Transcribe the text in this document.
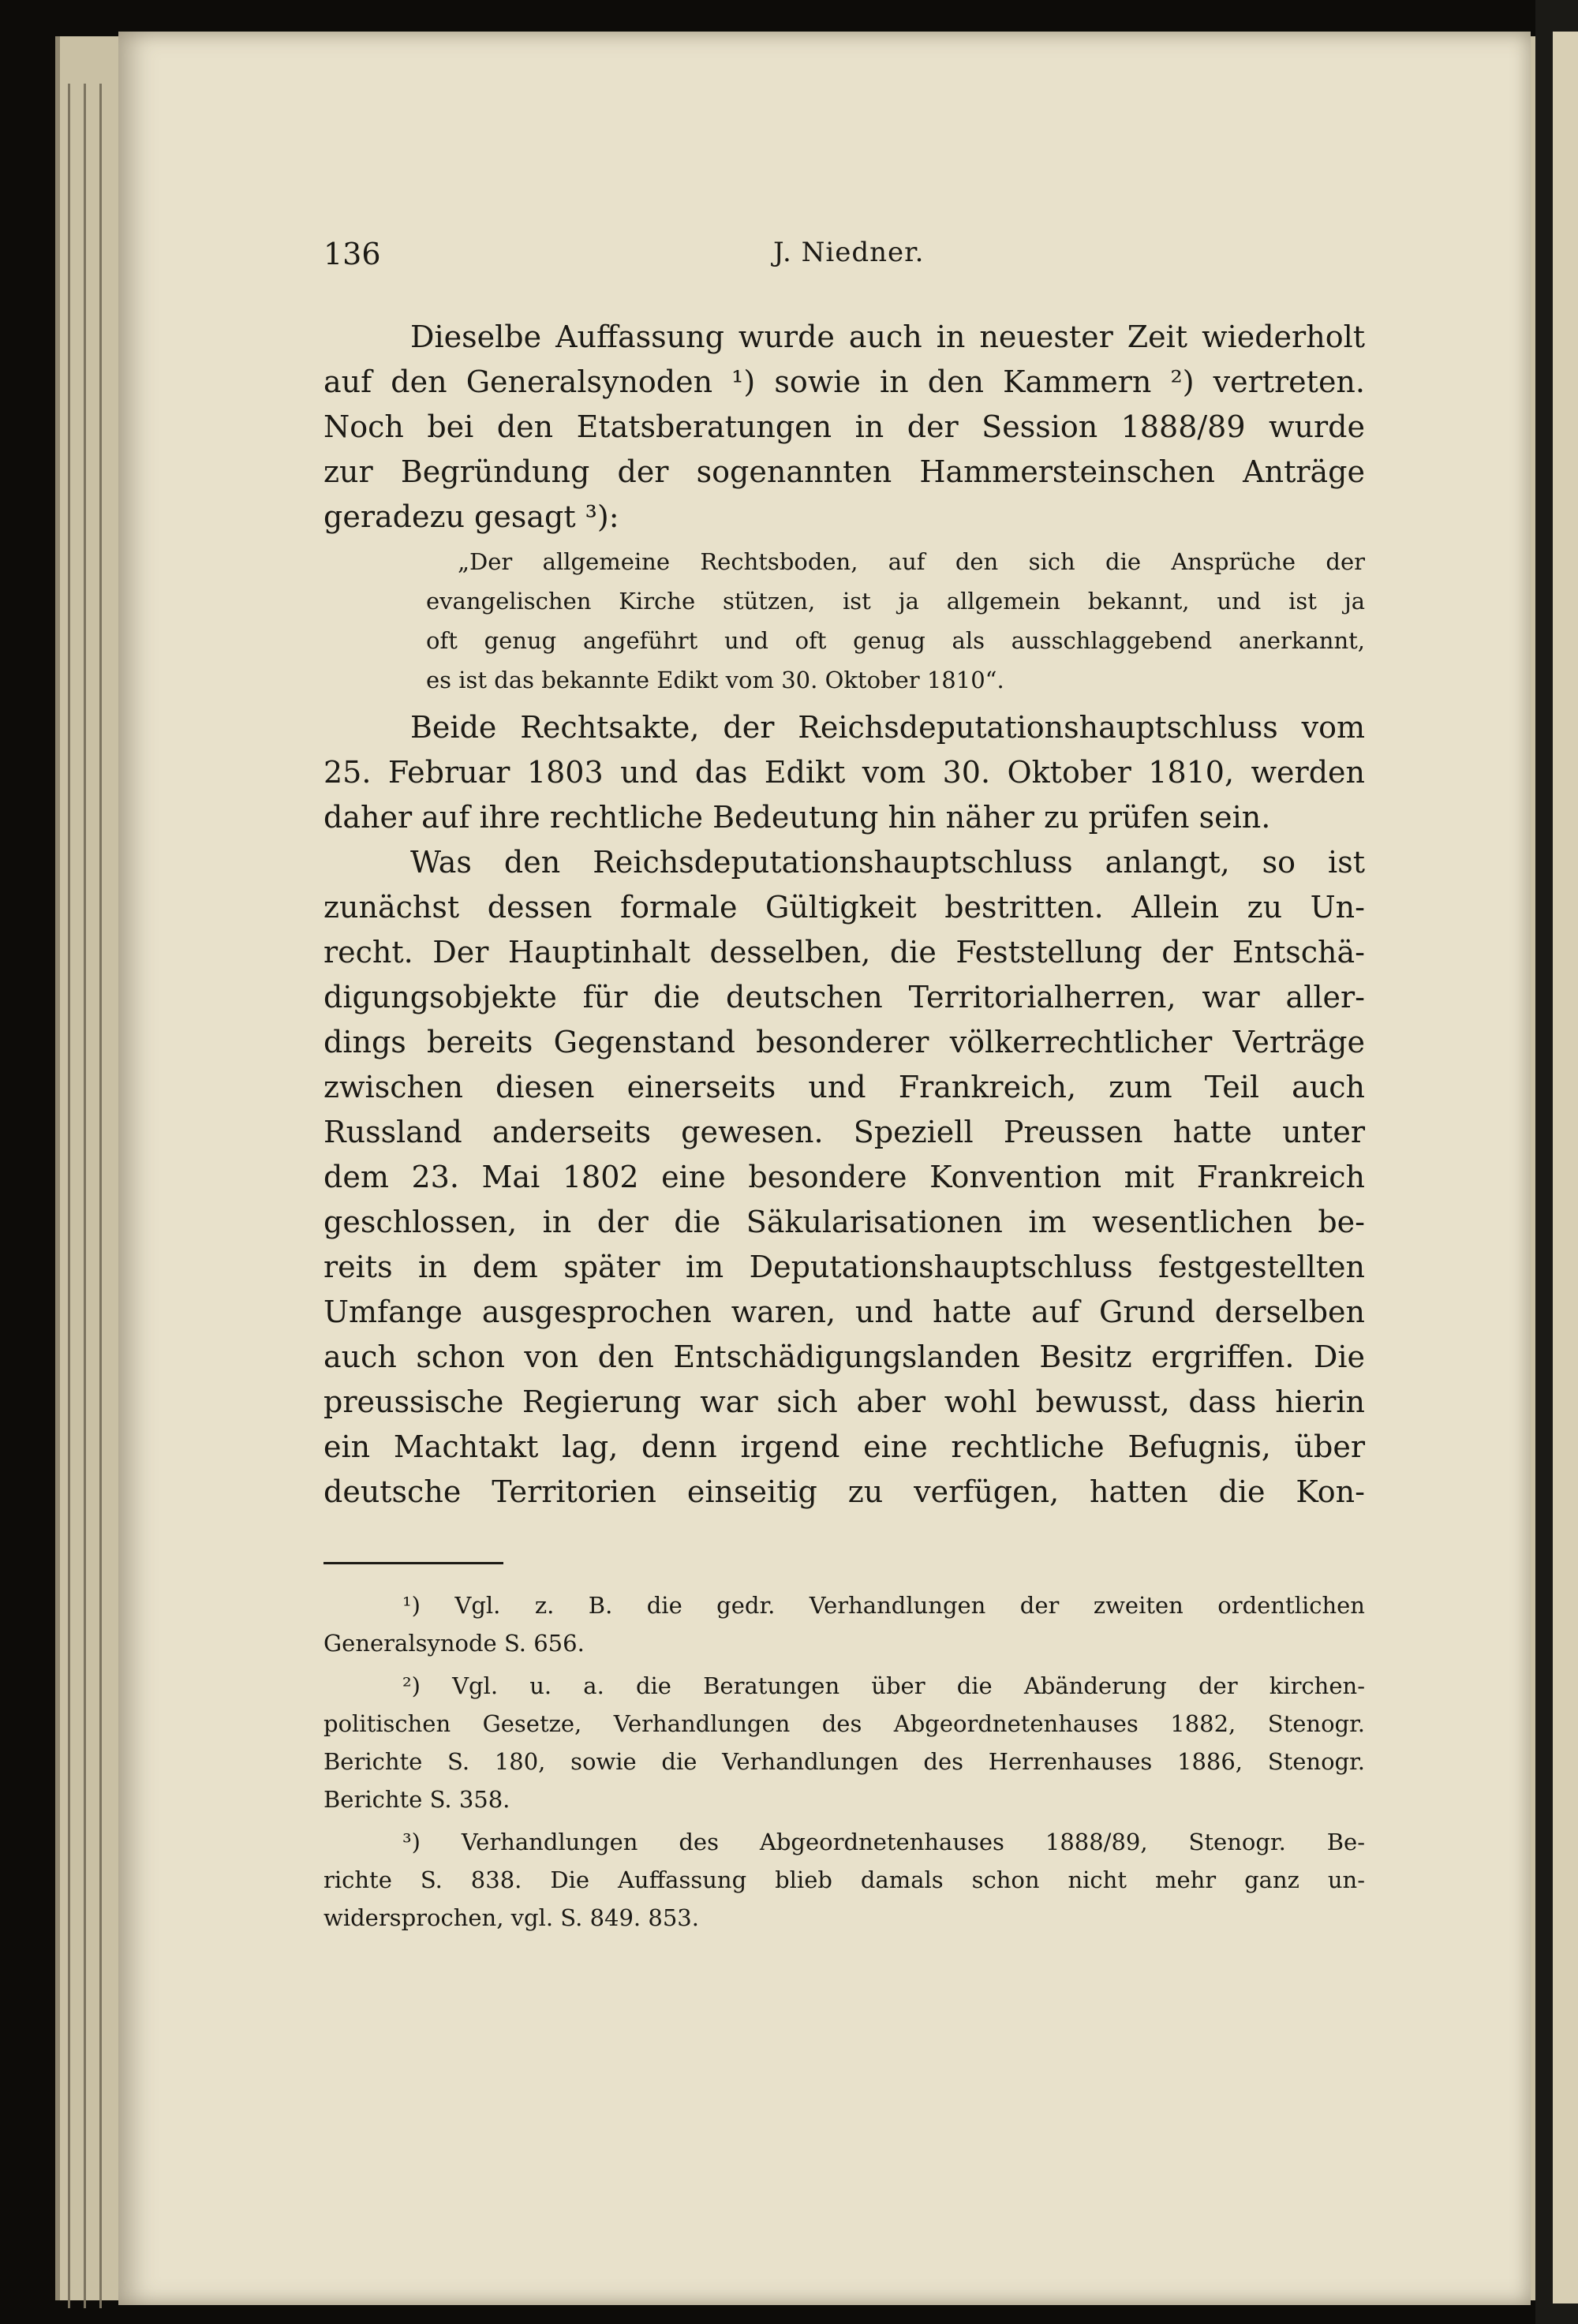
136	J. Niedner.
Dieselbe Auffassung wurde auch in neuester Zeit wiederholt
auf den Generalsynoden ¹) sowie in den Kammern ²) vertreten.
Noch bei den Etatsberatungen in der Session 1888/89 wurde
zur Begründung der sogenannten Hammersteinschen Anträge
geradezu gesagt ³):
„Der allgemeine Rechtsboden, auf den sich die Ansprüche der
evangelischen Kirche stützen, ist ja allgemein bekannt, und ist ja
oft genug angeführt und oft genug als ausschlaggebend anerkannt,
es ist das bekannte Edikt vom 30. Oktober 1810“.
Beide Rechtsakte, der Reichsdeputationshauptschluss vom
25. Februar 1803 und das Edikt vom 30. Oktober 1810, werden
daher auf ihre rechtliche Bedeutung hin näher zu prüfen sein.
Was den Reichsdeputationshauptschluss anlangt, so ist
zunächst dessen formale Gültigkeit bestritten. Allein zu Un-
recht. Der Hauptinhalt desselben, die Feststellung der Entschä-
digungsobjekte für die deutschen Territorialherren, war aller-
dings bereits Gegenstand besonderer völkerrechtlicher Verträge
zwischen diesen einerseits und Frankreich, zum Teil auch
Russland anderseits gewesen. Speziell Preussen hatte unter
dem 23. Mai 1802 eine besondere Konvention mit Frankreich
geschlossen, in der die Säkularisationen im wesentlichen be-
reits in dem später im Deputationshauptschluss festgestellten
Umfange ausgesprochen waren, und hatte auf Grund derselben
auch schon von den Entschädigungslanden Besitz ergriffen. Die
preussische Regierung war sich aber wohl bewusst, dass hierin
ein Machtakt lag, denn irgend eine rechtliche Befugnis, über
deutsche Territorien einseitig zu verfügen, hatten die Kon-
¹) Vgl. z. B. die gedr. Verhandlungen der zweiten ordentlichen
Generalsynode S. 656.
²) Vgl. u. a. die Beratungen über die Abänderung der kirchen-
politischen Gesetze, Verhandlungen des Abgeordnetenhauses 1882, Stenogr.
Berichte S. 180, sowie die Verhandlungen des Herrenhauses 1886, Stenogr.
Berichte S. 358.
³) Verhandlungen des Abgeordnetenhauses 1888/89, Stenogr. Be-
richte S. 838. Die Auffassung blieb damals schon nicht mehr ganz un-
widersprochen, vgl. S. 849. 853.
